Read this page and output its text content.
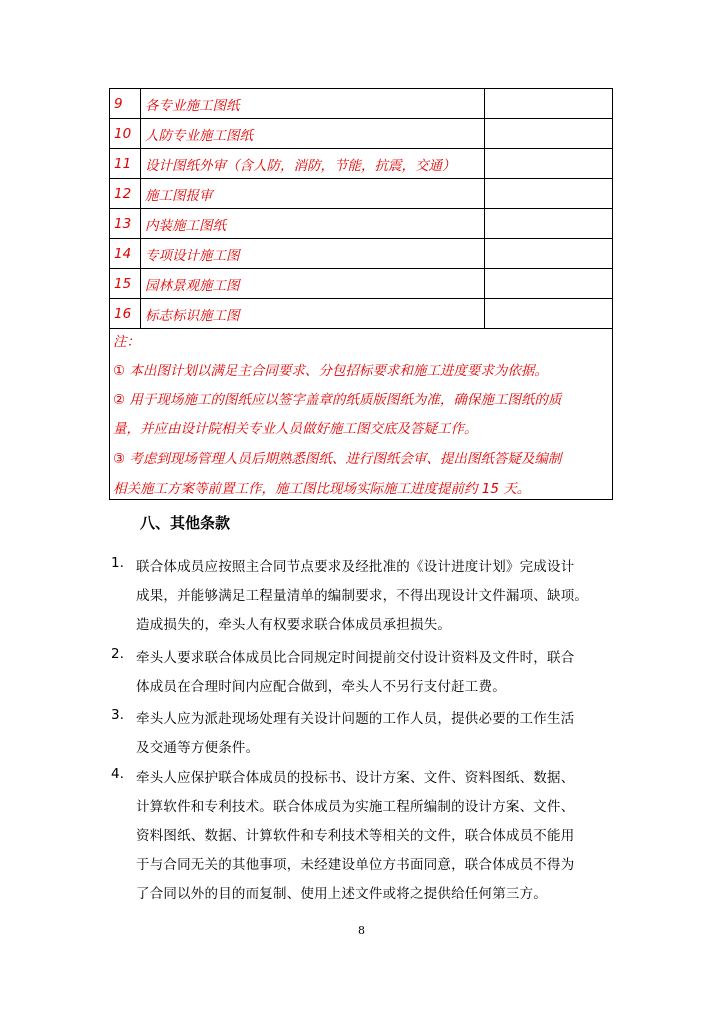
9	各专业施工图纸	
10	人防专业施工图纸	
11	设计图纸外审（含人防，消防，节能，抗震，交通）	
12	施工图报审	
13	内装施工图纸	
14	专项设计施工图	
15	园林景观施工图	
16	标志标识施工图	
注：
① 本出图计划以满足主合同要求、分包招标要求和施工进度要求为依据。
② 用于现场施工的图纸应以签字盖章的纸质版图纸为准，确保施工图纸的质
量，并应由设计院相关专业人员做好施工图交底及答疑工作。
③ 考虑到现场管理人员后期熟悉图纸、进行图纸会审、提出图纸答疑及编制
相关施工方案等前置工作，施工图比现场实际施工进度提前约 15 天。
八、其他条款
1. 联合体成员应按照主合同节点要求及经批准的《设计进度计划》完成设计
成果，并能够满足工程量清单的编制要求，不得出现设计文件漏项、缺项。
造成损失的，牵头人有权要求联合体成员承担损失。
2. 牵头人要求联合体成员比合同规定时间提前交付设计资料及文件时，联合
体成员在合理时间内应配合做到，牵头人不另行支付赶工费。
3. 牵头人应为派赴现场处理有关设计问题的工作人员，提供必要的工作生活
及交通等方便条件。
4. 牵头人应保护联合体成员的投标书、设计方案、文件、资料图纸、数据、
计算软件和专利技术。联合体成员为实施工程所编制的设计方案、文件、
资料图纸、数据、计算软件和专利技术等相关的文件，联合体成员不能用
于与合同无关的其他事项，未经建设单位方书面同意，联合体成员不得为
了合同以外的目的而复制、使用上述文件或将之提供给任何第三方。
8
